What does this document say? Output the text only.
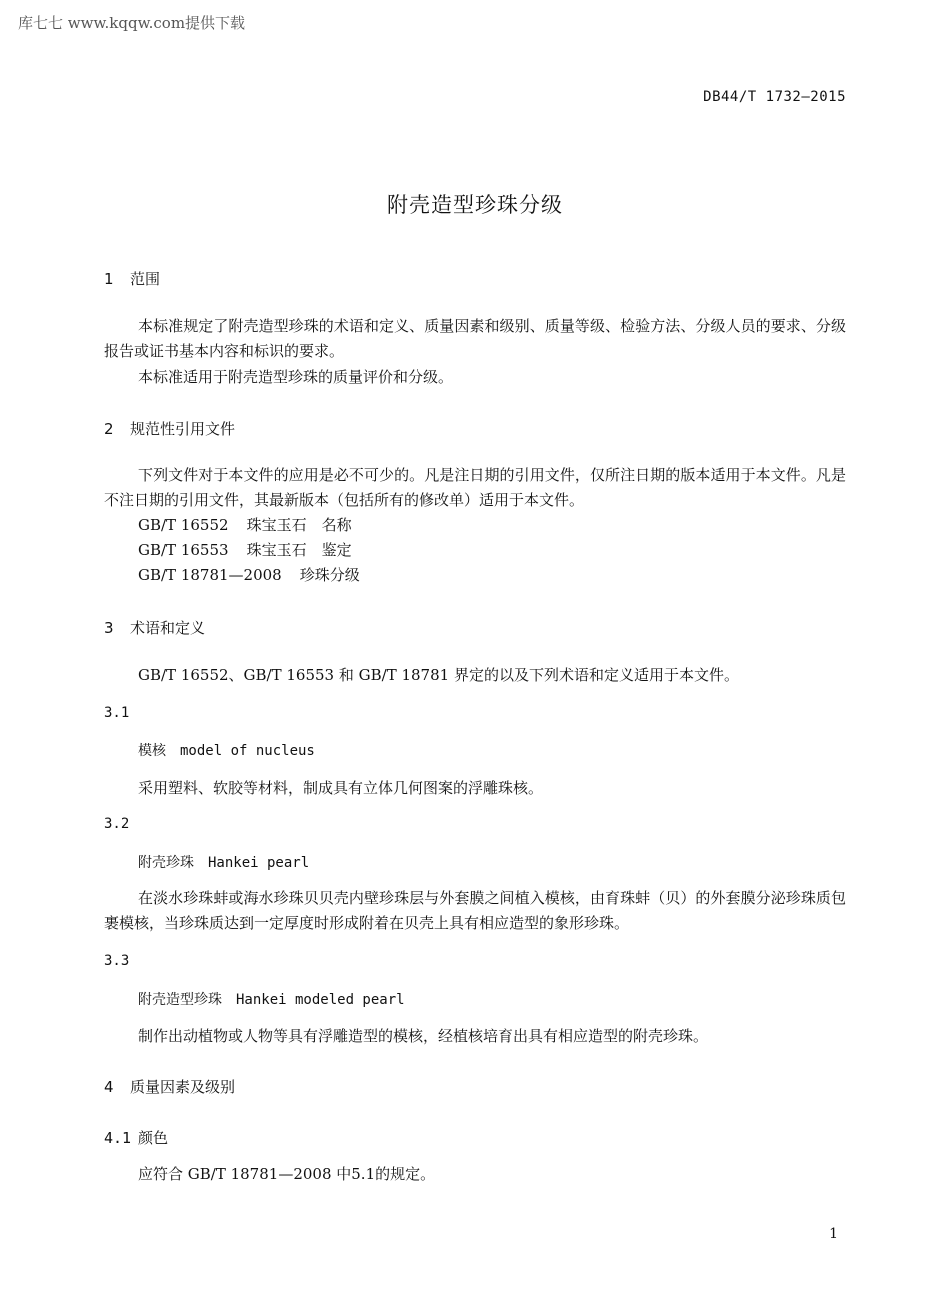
库七七 www.kqqw.com提供下载
DB44/T 1732—2015
附壳造型珍珠分级
1 范围
本标准规定了附壳造型珍珠的术语和定义、质量因素和级别、质量等级、检验方法、分级人员的要求、分级报告或证书基本内容和标识的要求。
本标准适用于附壳造型珍珠的质量评价和分级。
2 规范性引用文件
下列文件对于本文件的应用是必不可少的。凡是注日期的引用文件，仅所注日期的版本适用于本文件。凡是不注日期的引用文件，其最新版本（包括所有的修改单）适用于本文件。
GB/T 16552 珠宝玉石　名称
GB/T 16553 珠宝玉石　鉴定
GB/T 18781—2008 珍珠分级
3 术语和定义
GB/T 16552、GB/T 16553 和 GB/T 18781 界定的以及下列术语和定义适用于本文件。
3.1
模核 model of nucleus
采用塑料、软胶等材料，制成具有立体几何图案的浮雕珠核。
3.2
附壳珍珠 Hankei pearl
在淡水珍珠蚌或海水珍珠贝贝壳内壁珍珠层与外套膜之间植入模核，由育珠蚌（贝）的外套膜分泌珍珠质包裹模核，当珍珠质达到一定厚度时形成附着在贝壳上具有相应造型的象形珍珠。
3.3
附壳造型珍珠 Hankei modeled pearl
制作出动植物或人物等具有浮雕造型的模核，经植核培育出具有相应造型的附壳珍珠。
4 质量因素及级别
4.1 颜色
应符合 GB/T 18781—2008 中5.1的规定。
1
